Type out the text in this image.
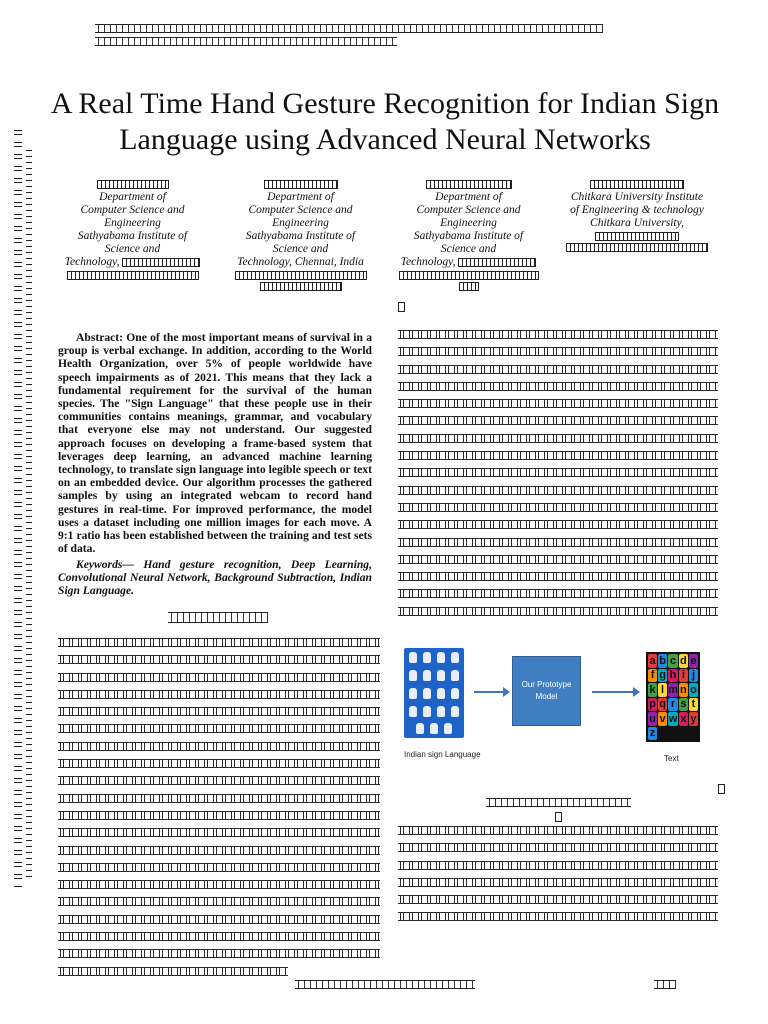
A Real Time Hand Gesture Recognition for Indian Sign Language using Advanced Neural Networks
Department of
Computer Science and
Engineering
Sathyabama Institute of
Science and
Technology,
Department of
Computer Science and
Engineering
Sathyabama Institute of
Science and
Technology, Chennai, India
Department of
Computer Science and
Engineering
Sathyabama Institute of
Science and
Technology,
Chitkara University Institute
of Engineering & technology
Chitkara University,

Abstract: One of the most important means of survival in a group is verbal exchange. In addition, according to the World Health Organization, over 5% of people worldwide have speech impairments as of 2021. This means that they lack a fundamental requirement for the survival of the human species. The "Sign Language" that these people use in their communities contains meanings, grammar, and vocabulary that everyone else may not understand. Our suggested approach focuses on developing a frame-based system that leverages deep learning, an advanced machine learning technology, to translate sign language into legible speech or text on an embedded device. Our algorithm processes the gathered samples by using an integrated webcam to record hand gestures in real-time. For improved performance, the model uses a dataset including one million images for each move. A 9:1 ratio has been established between the training and test sets of data.

Keywords— Hand gesture recognition, Deep Learning, Convolutional Neural Network, Background Subtraction, Indian Sign Language.

Indian sign Language
Our Prototype
Model
a b c d e
f g h i j
k l m n o
p q r s t
u v w x y
z
Text
